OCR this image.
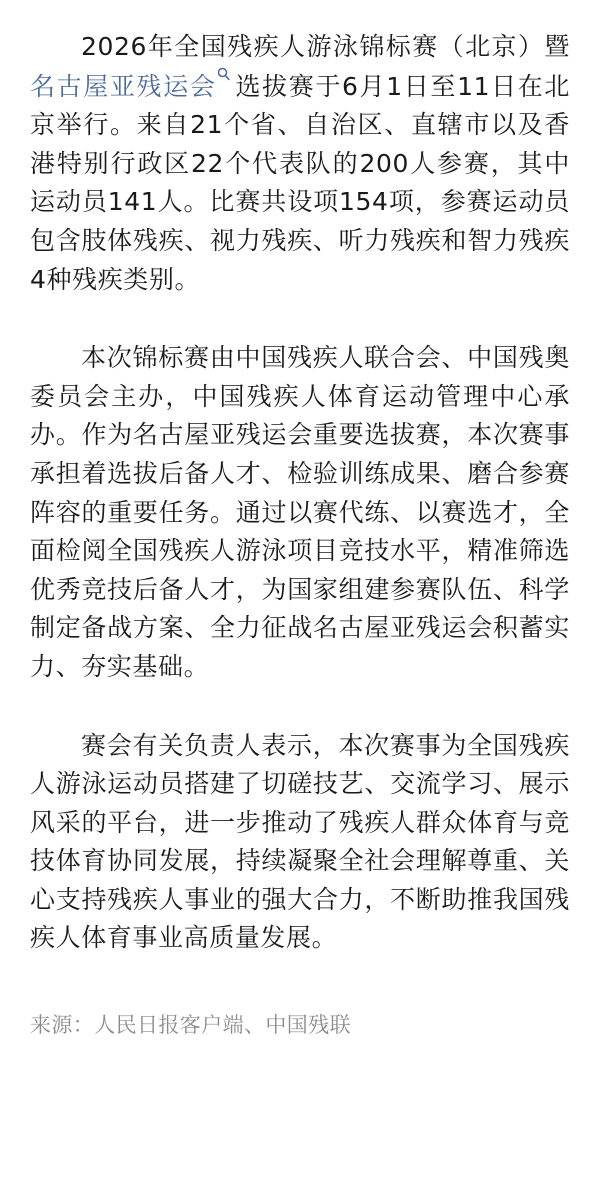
2026年全国残疾人游泳锦标赛（北京）暨名古屋亚残运会 选拔赛于6月1日至11日在北京举行。来自21个省、自治区、直辖市以及香港特别行政区22个代表队的200人参赛，其中运动员141人。比赛共设项154项，参赛运动员包含肢体残疾、视力残疾、听力残疾和智力残疾4种残疾类别。

本次锦标赛由中国残疾人联合会、中国残奥委员会主办，中国残疾人体育运动管理中心承办。作为名古屋亚残运会重要选拔赛，本次赛事承担着选拔后备人才、检验训练成果、磨合参赛阵容的重要任务。通过以赛代练、以赛选才，全面检阅全国残疾人游泳项目竞技水平，精准筛选优秀竞技后备人才，为国家组建参赛队伍、科学制定备战方案、全力征战名古屋亚残运会积蓄实力、夯实基础。

赛会有关负责人表示，本次赛事为全国残疾人游泳运动员搭建了切磋技艺、交流学习、展示风采的平台，进一步推动了残疾人群众体育与竞技体育协同发展，持续凝聚全社会理解尊重、关心支持残疾人事业的强大合力，不断助推我国残疾人体育事业高质量发展。

来源：人民日报客户端、中国残联
